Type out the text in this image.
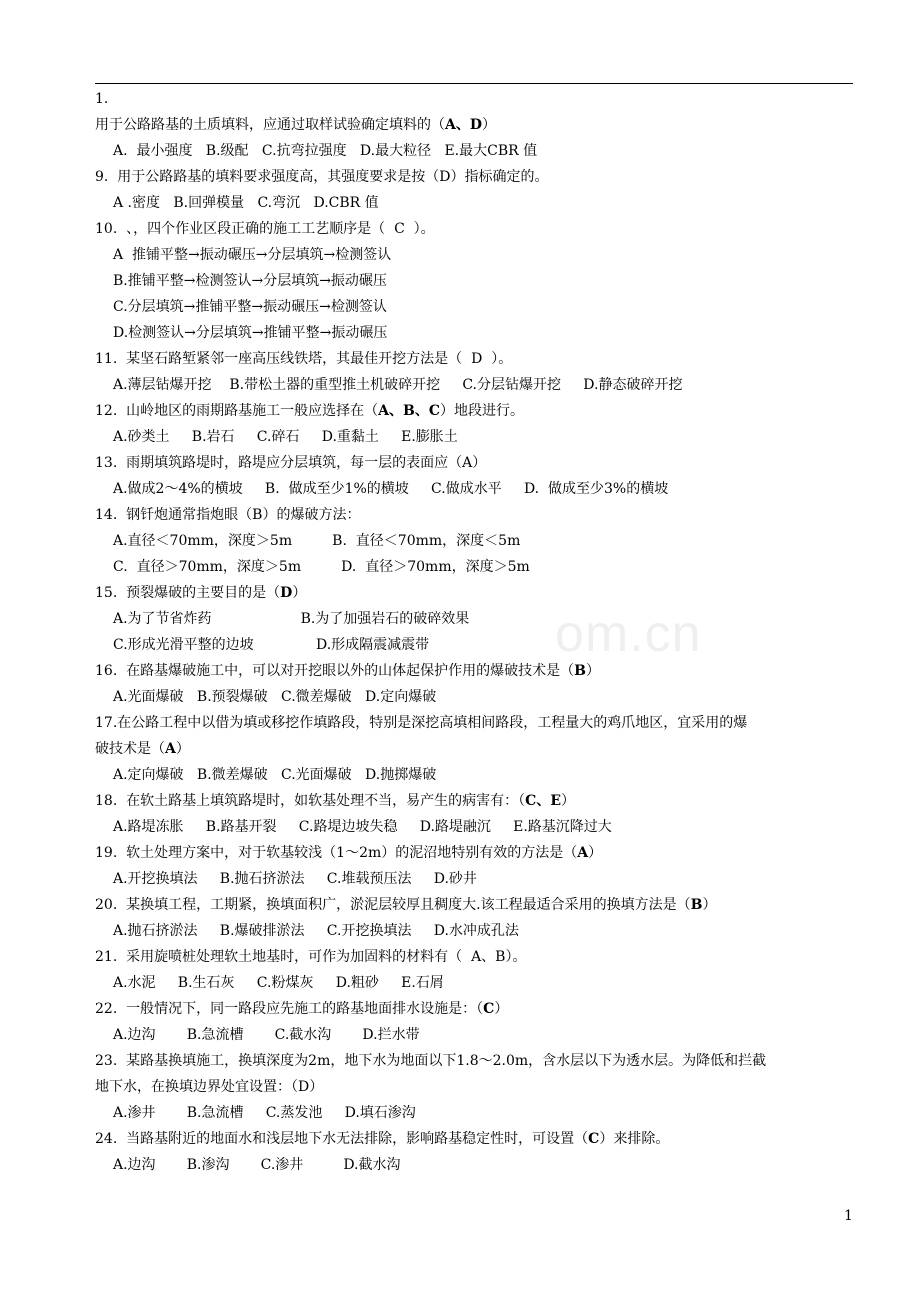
om.cn
1.
用于公路路基的土质填料，应通过取样试验确定填料的（A、D）
A.  最小强度   B.级配   C.抗弯拉强度   D.最大粒径   E.最大CBR 值
9.  用于公路路基的填料要求强度高，其强度要求是按（D）指标确定的。
A .密度   B.回弹模量   C.弯沉   D.CBR 值
10.  、，四个作业区段正确的施工工艺顺序是（  C  ）。
A  推铺平整→振动碾压→分层填筑→检测签认
B.推铺平整→检测签认→分层填筑→振动碾压
C.分层填筑→推铺平整→振动碾压→检测签认
D.检测签认→分层填筑→推铺平整→振动碾压
11.  某坚石路堑紧邻一座高压线铁塔，其最佳开挖方法是（  D  ）。
A.薄层钻爆开挖    B.带松土器的重型推土机破碎开挖     C.分层钻爆开挖     D.静态破碎开挖
12.  山岭地区的雨期路基施工一般应选择在（A、B、C）地段进行。
A.砂类土     B.岩石     C.碎石     D.重黏土     E.膨胀土
13.  雨期填筑路堤时，路堤应分层填筑，每一层的表面应（A）
A.做成2～4%的横坡     B.  做成至少1%的横坡     C.做成水平     D.  做成至少3%的横坡
14.  钢钎炮通常指炮眼（B）的爆破方法：
A.直径＜70mm，深度＞5m         B.  直径＜70mm，深度＜5m
C.  直径＞70mm，深度＞5m         D.  直径＞70mm，深度＞5m
15.  预裂爆破的主要目的是（D）
A.为了节省炸药                    B.为了加强岩石的破碎效果
C.形成光滑平整的边坡              D.形成隔震减震带
16.  在路基爆破施工中，可以对开挖眼以外的山体起保护作用的爆破技术是（B）
A.光面爆破   B.预裂爆破   C.微差爆破   D.定向爆破
17.在公路工程中以借为填或移挖作填路段，特别是深挖高填相间路段，工程量大的鸡爪地区，宜采用的爆
破技术是（A）
A.定向爆破   B.微差爆破   C.光面爆破   D.抛掷爆破
18.  在软土路基上填筑路堤时，如软基处理不当，易产生的病害有：（C、E）
A.路堤冻胀     B.路基开裂     C.路堤边坡失稳     D.路堤融沉     E.路基沉降过大
19.  软土处理方案中，对于软基较浅（1～2m）的泥沼地特别有效的方法是（A）
A.开挖换填法     B.抛石挤淤法     C.堆载预压法     D.砂井
20.  某换填工程，工期紧，换填面积广，淤泥层较厚且稠度大.该工程最适合采用的换填方法是（B）
A.抛石挤淤法     B.爆破排淤法     C.开挖换填法     D.水冲成孔法
21.  采用旋喷桩处理软土地基时，可作为加固料的材料有（  A、B）。
A.水泥     B.生石灰     C.粉煤灰     D.粗砂     E.石屑
22.  一般情况下，同一路段应先施工的路基地面排水设施是：（C）
A.边沟       B.急流槽       C.截水沟       D.拦水带
23.  某路基换填施工，换填深度为2m，地下水为地面以下1.8～2.0m，含水层以下为透水层。为降低和拦截
地下水，在换填边界处宜设置：（D）
A.渗井       B.急流槽     C.蒸发池     D.填石渗沟
24.  当路基附近的地面水和浅层地下水无法排除，影响路基稳定性时，可设置（C）来排除。
A.边沟       B.渗沟       C.渗井         D.截水沟
1
